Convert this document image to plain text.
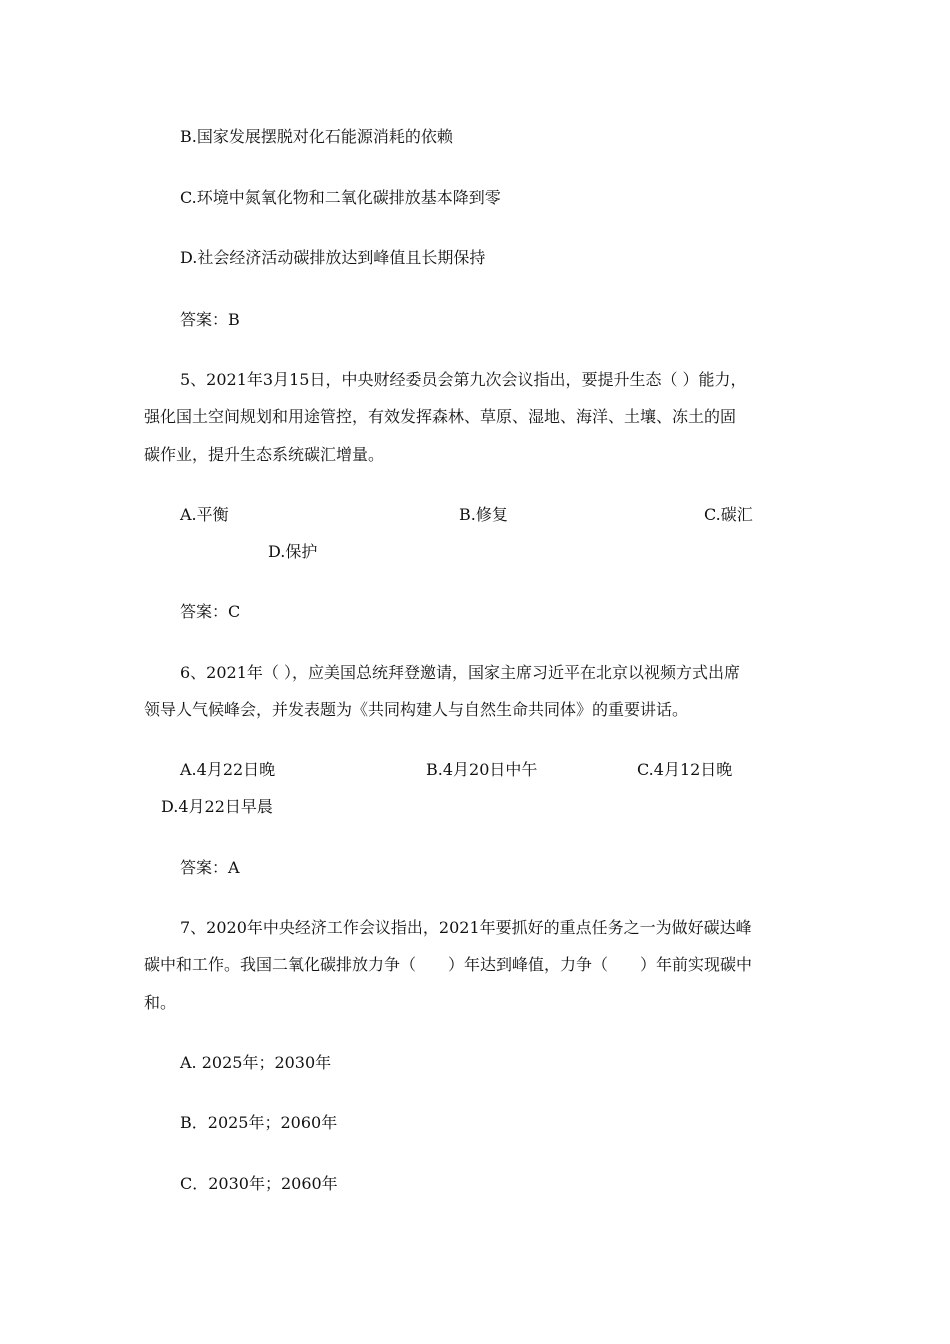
B.国家发展摆脱对化石能源消耗的依赖
C.环境中氮氧化物和二氧化碳排放基本降到零
D.社会经济活动碳排放达到峰值且长期保持
答案：B
5、2021年3月15日，中央财经委员会第九次会议指出，要提升生态（ ）能力，
强化国土空间规划和用途管控，有效发挥森林、草原、湿地、海洋、土壤、冻土的固
碳作业，提升生态系统碳汇增量。
A.平衡	B.修复	C.碳汇
D.保护
答案：C
6、2021年（ ），应美国总统拜登邀请，国家主席习近平在北京以视频方式出席
领导人气候峰会，并发表题为《共同构建人与自然生命共同体》的重要讲话。
A.4月22日晚	B.4月20日中午	C.4月12日晚
D.4月22日早晨
答案：A
7、2020年中央经济工作会议指出，2021年要抓好的重点任务之一为做好碳达峰
碳中和工作。我国二氧化碳排放力争（　　）年达到峰值，力争（　　）年前实现碳中
和。
A. 2025年；2030年
B．2025年；2060年
C．2030年；2060年
